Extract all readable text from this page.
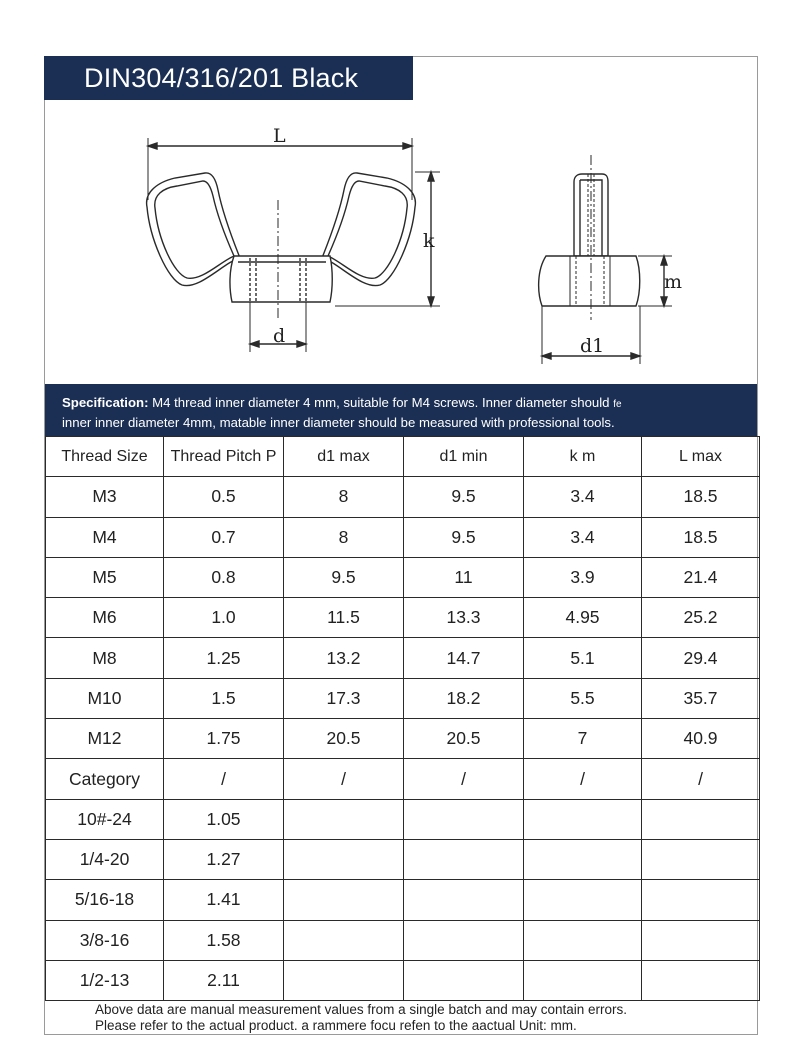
DIN304/316/201 Black
L
k
d
m
d1
Specification: M4 thread inner diameter 4 mm, suitable for M4 screws. Inner diameter should fe
inner inner diameter 4mm, matable inner diameter should be measured with professional tools.
Thread Size	Thread Pitch P	d1 max	d1 min	k m	L max
M3	0.5	8	9.5	3.4	18.5
M4	0.7	8	9.5	3.4	18.5
M5	0.8	9.5	11	3.9	21.4
M6	1.0	11.5	13.3	4.95	25.2
M8	1.25	13.2	14.7	5.1	29.4
M10	1.5	17.3	18.2	5.5	35.7
M12	1.75	20.5	20.5	7	40.9
Category	/	/	/	/	/
10#-24	1.05				
1/4-20	1.27				
5/16-18	1.41				
3/8-16	1.58				
1/2-13	2.11				
Above data are manual measurement values from a single batch and may contain errors.
Please refer to the actual product. a rammere focu refen to the aactual Unit: mm.
